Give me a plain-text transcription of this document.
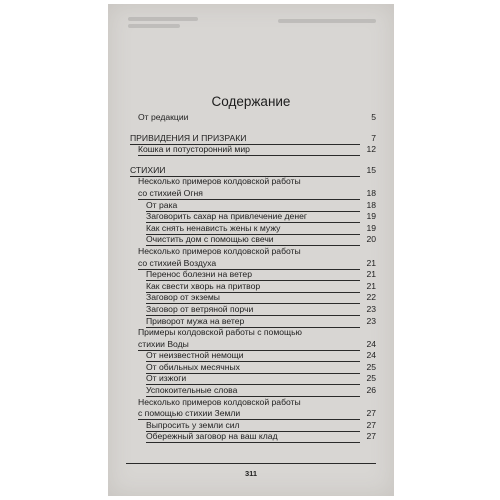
Содержание
От редакции	5
ПРИВИДЕНИЯ И ПРИЗРАКИ	7
Кошка и потусторонний мир	12
СТИХИИ	15
Несколько примеров колдовской работы
со стихией Огня	18
От рака	18
Заговорить сахар на привлечение денег	19
Как снять ненависть жены к мужу	19
Очистить дом с помощью свечи	20
Несколько примеров колдовской работы
со стихией Воздуха	21
Перенос болезни на ветер	21
Как свести хворь на притвор	21
Заговор от экземы	22
Заговор от ветряной порчи	23
Приворот мужа на ветер	23
Примеры колдовской работы с помощью
стихии Воды	24
От неизвестной немощи	24
От обильных месячных	25
От изжоги	25
Успокоительные слова	26
Несколько примеров колдовской работы
с помощью стихии Земли	27
Выпросить у земли сил	27
Обережный заговор на ваш клад	27
311
